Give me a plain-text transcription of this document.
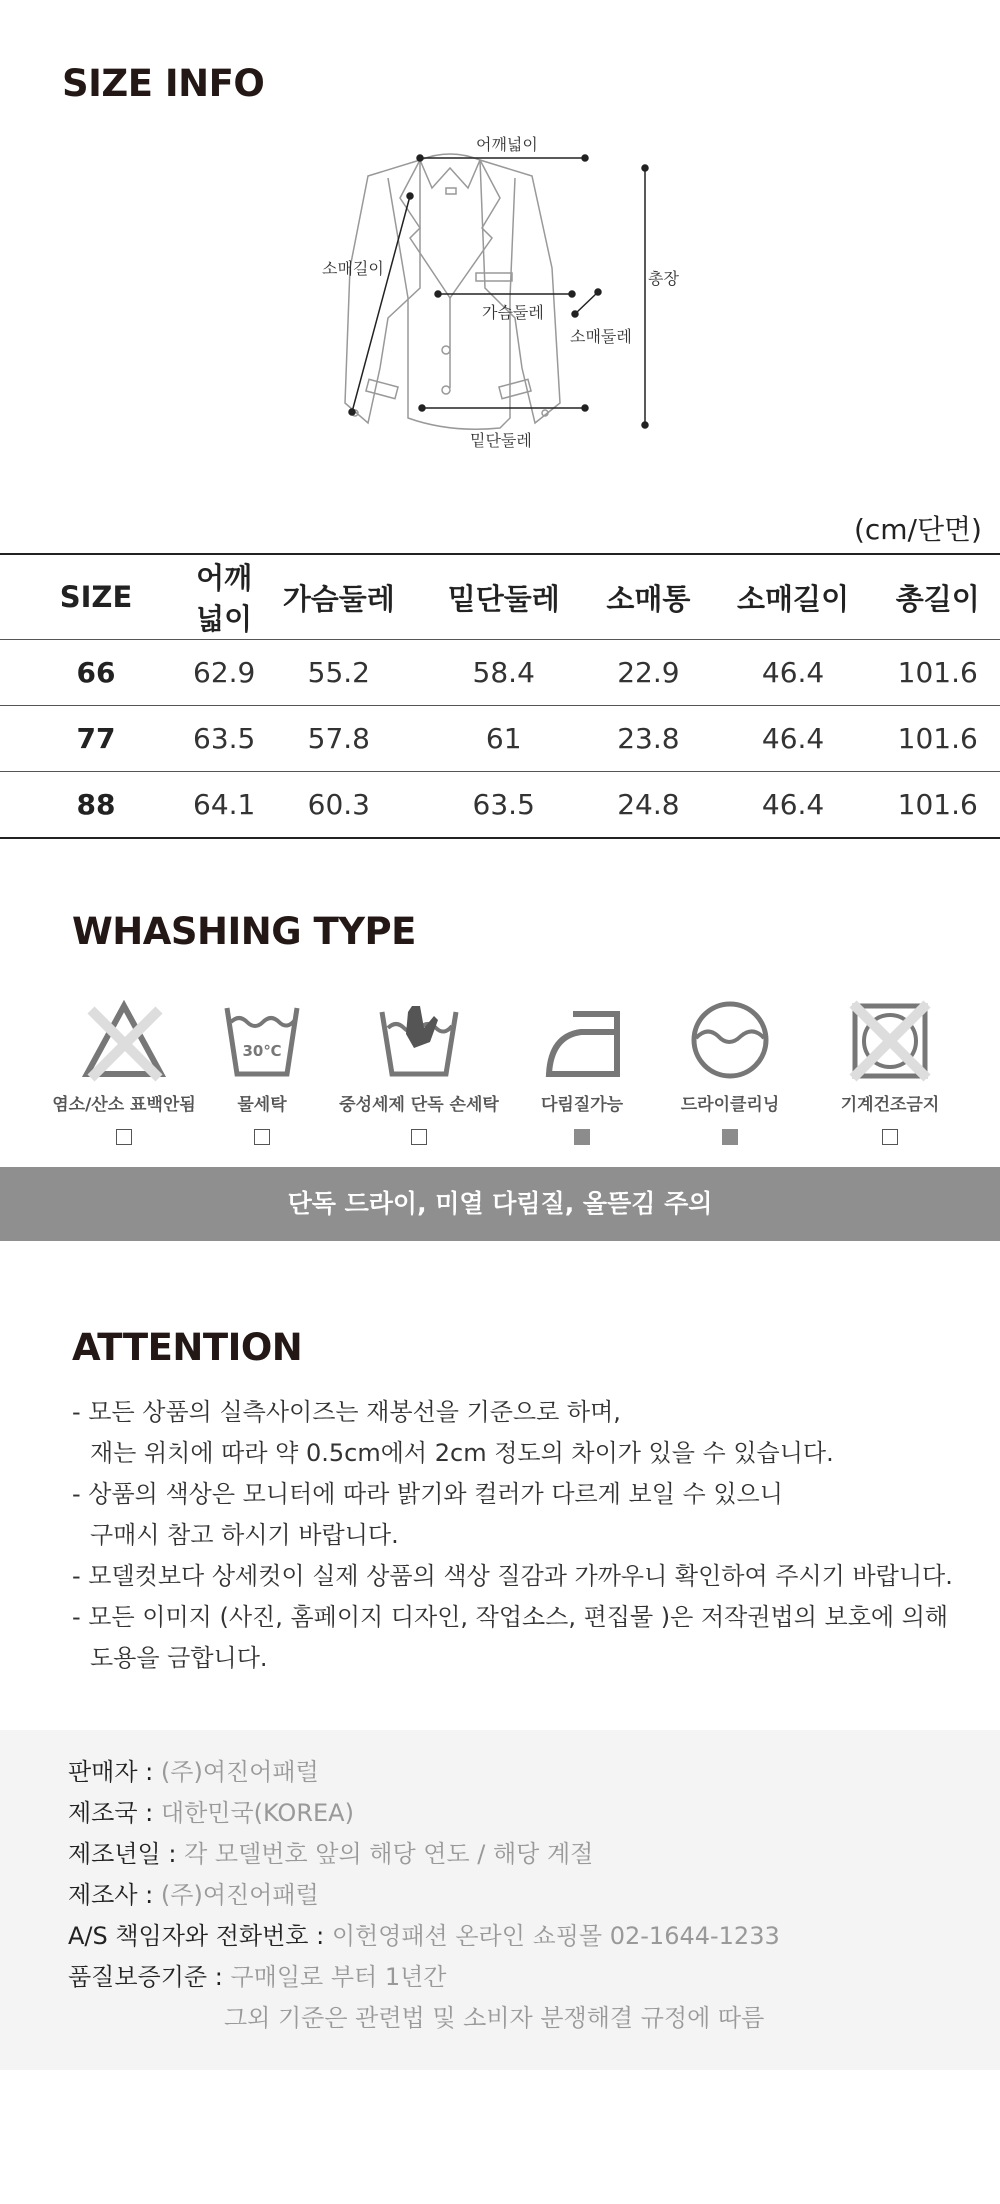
SIZE INFO
어깨넓이
소매길이
총장
가슴둘레
소매둘레
밑단둘레
(cm/단면)
SIZE	어깨넓이	가슴둘레	밑단둘레	소매통	소매길이	총길이
66	62.9	55.2	58.4	22.9	46.4	101.6
77	63.5	57.8	61	23.8	46.4	101.6
88	64.1	60.3	63.5	24.8	46.4	101.6
WHASHING TYPE
염소/산소 표백안됨
30℃
물세탁	중성세제 단독 손세탁	다림질가능	드라이클리닝	기계건조금지
단독 드라이, 미열 다림질, 올뜯김 주의
ATTENTION
- 모든 상품의 실측사이즈는 재봉선을 기준으로 하며,
재는 위치에 따라 약 0.5cm에서 2cm 정도의 차이가 있을 수 있습니다.
- 상품의 색상은 모니터에 따라 밝기와 컬러가 다르게 보일 수 있으니
구매시 참고 하시기 바랍니다.
- 모델컷보다 상세컷이 실제 상품의 색상 질감과 가까우니 확인하여 주시기 바랍니다.
- 모든 이미지 (사진, 홈페이지 디자인, 작업소스, 편집물 )은 저작권법의 보호에 의해
도용을 금합니다.
판매자 : (주)여진어패럴
제조국 : 대한민국(KOREA)
제조년일 : 각 모델번호 앞의 해당 연도 / 해당 계절
제조사 : (주)여진어패럴
A/S 책임자와 전화번호 : 이헌영패션 온라인 쇼핑몰 02-1644-1233
품질보증기준 : 구매일로 부터 1년간
그외 기준은 관련법 및 소비자 분쟁해결 규정에 따름
